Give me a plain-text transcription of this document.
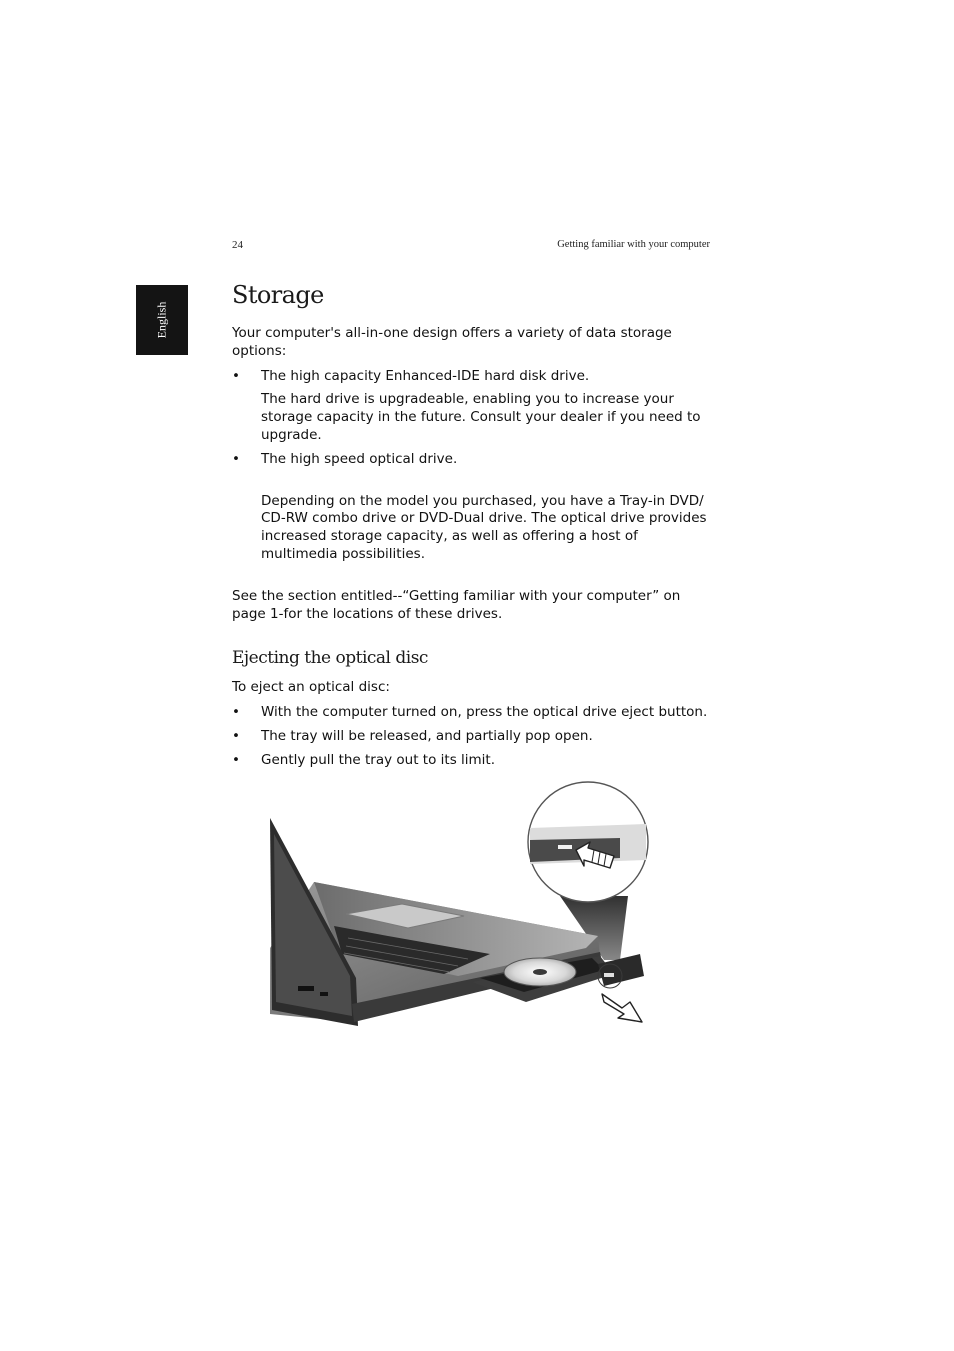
24	Getting familiar with your computer
English
Storage

Your computer's all-in-one design offers a variety of data storage options:

• The high capacity Enhanced-IDE hard disk drive.

The hard drive is upgradeable, enabling you to increase your storage capacity in the future. Consult your dealer if you need to upgrade.

• The high speed optical drive.

Depending on the model you purchased, you have a Tray-in DVD/ CD-RW combo drive or DVD-Dual drive. The optical drive provides increased storage capacity, as well as offering a host of multimedia possibilities.

See the section entitled--“Getting familiar with your computer” on page 1-for the locations of these drives.

Ejecting the optical disc

To eject an optical disc:

• With the computer turned on, press the optical drive eject button.
• The tray will be released, and partially pop open.
• Gently pull the tray out to its limit.
